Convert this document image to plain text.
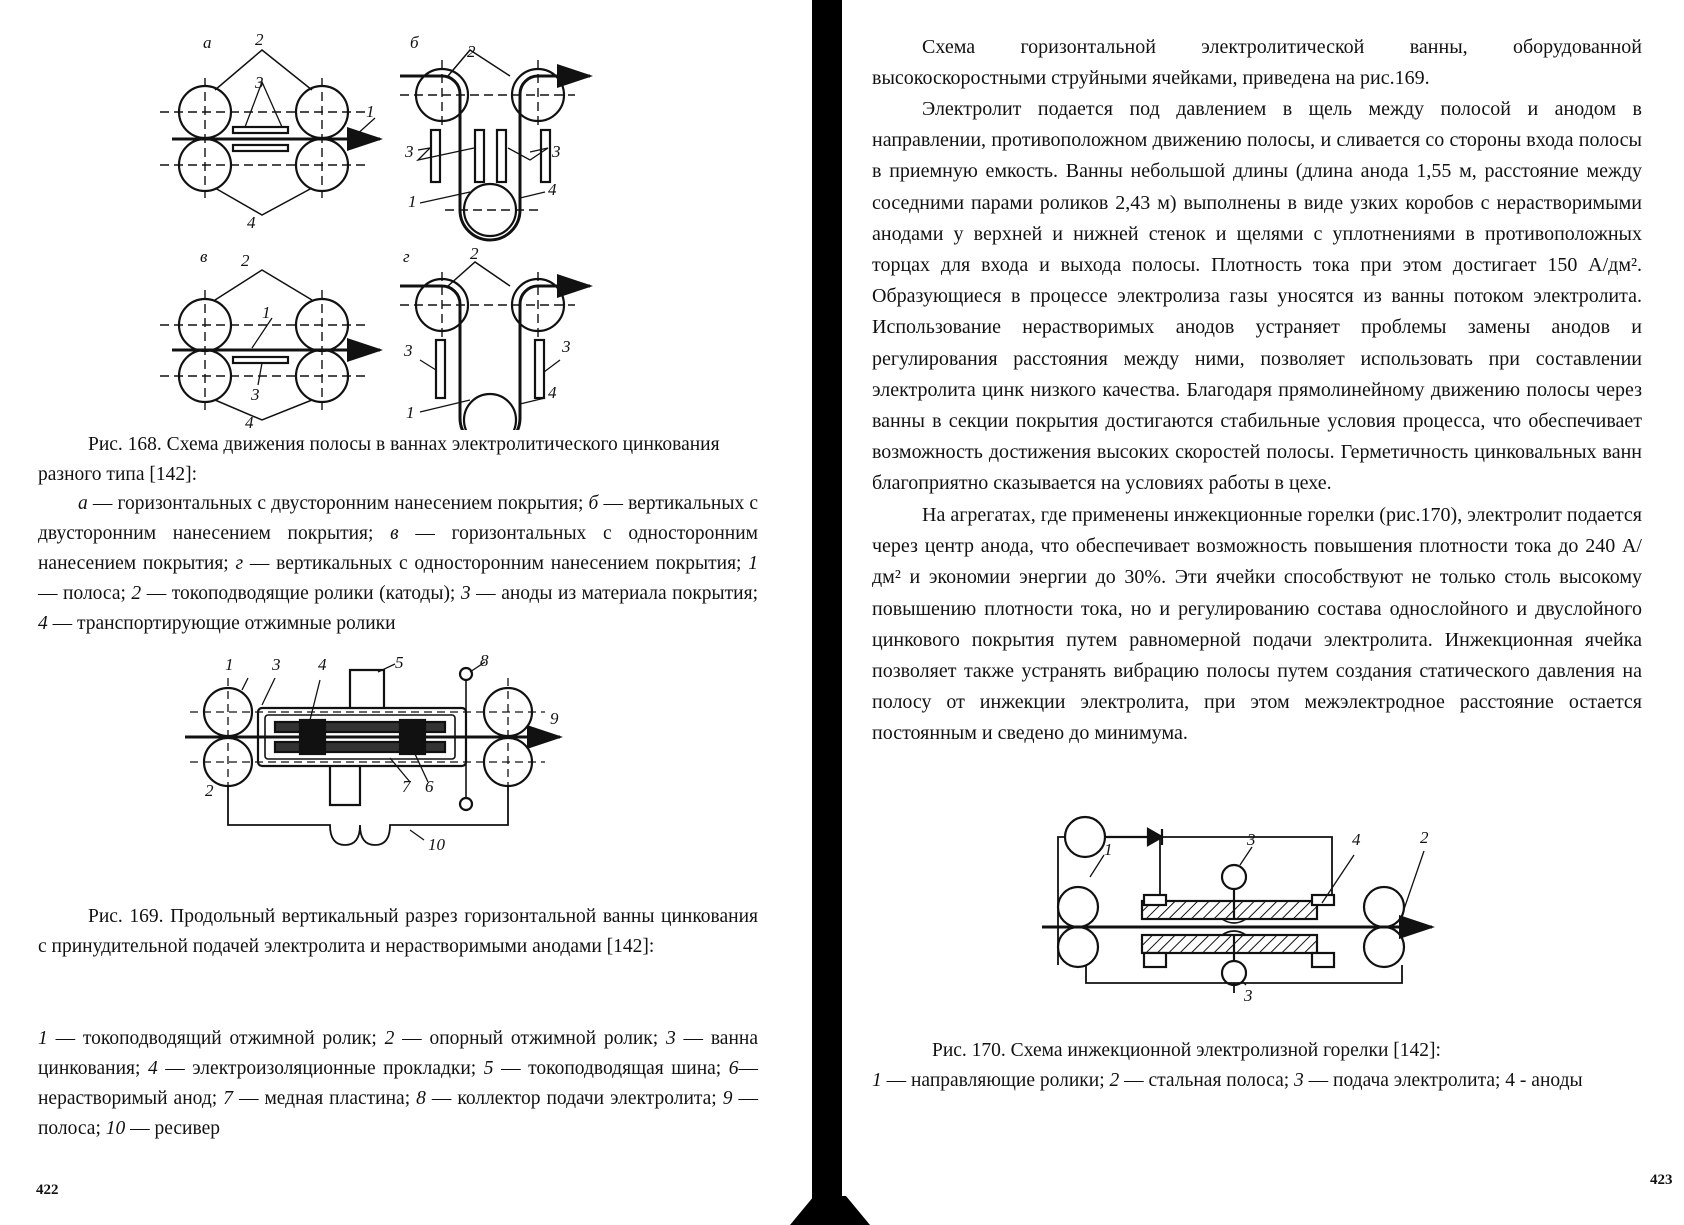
а	б
в	г
2
3
1
4
2
3	3
1
4
2
1
3
4
2
3	3
1
4

Рис. 168. Схема движения полосы в ваннах электролитического цинкования разного типа [142]:

а — горизонтальных с двусторонним нанесением покрытия; б — вертикальных с двусторонним нанесением покрытия; в — горизонтальных с односторонним нанесением покрытия; г — вертикальных с односторонним нанесением покрытия; 1 — полоса; 2 — токоподводящие ролики (катоды); 3 — аноды из материала покрытия; 4 — транспортирующие отжимные ролики

1 3 4	5	8
9
2	7 6
10

Рис. 169. Продольный вертикальный разрез горизонтальной ванны цинкования с принудительной подачей электролита и нерастворимыми анодами [142]:

1 — токоподводящий отжимной ролик; 2 — опорный отжимной ролик; 3 — ванна цинкования; 4 — электроизоляционные прокладки; 5 — токоподводящая шина; 6— нерастворимый анод; 7 — медная пластина; 8 — коллектор подачи электролита; 9 — полоса; 10 — ресивер

422

Схема горизонтальной электролитической ванны, оборудованной высокоскоростными струйными ячейками, приведена на рис.169.

Электролит подается под давлением в щель между полосой и анодом в направлении, противоположном движению полосы, и сливается со стороны входа полосы в приемную емкость. Ванны небольшой длины (длина анода 1,55 м, расстояние между соседними парами роликов 2,43 м) выполнены в виде узких коробов с нерастворимыми анодами у верхней и нижней стенок и щелями с уплотнениями в противоположных торцах для входа и выхода полосы. Плотность тока при этом достигает 150 А/дм². Образующиеся в процессе электролиза газы уносятся из ванны потоком электролита. Использование нерастворимых анодов устраняет проблемы замены анодов и регулирования расстояния между ними, позволяет использовать при составлении электролита цинк низкого качества. Благодаря прямолинейному движению полосы через ванны в секции покрытия достигаются стабильные условия процесса, что обеспечивает возможность достижения высоких скоростей полосы. Герметичность цинковальных ванн благоприятно сказывается на условиях работы в цехе.

На агрегатах, где применены инжекционные горелки (рис.170), электролит подается через центр анода, что обеспечивает возможность повышения плотности тока до 240 А/дм² и экономии энергии до 30%. Эти ячейки способствуют не только столь высокому повышению плотности тока, но и регулированию состава однослойного и двуслойного цинкового покрытия путем равномерной подачи электролита. Инжекционная ячейка позволяет также устранять вибрацию полосы путем создания статического давления на полосу от инжекции электролита, при этом межэлектродное расстояние остается постоянным и сведено до минимума.

1
3	4	2
3

Рис. 170. Схема инжекционной электролизной горелки [142]:

1 — направляющие ролики; 2 — стальная полоса; 3 — подача электролита; 4 - аноды

423
